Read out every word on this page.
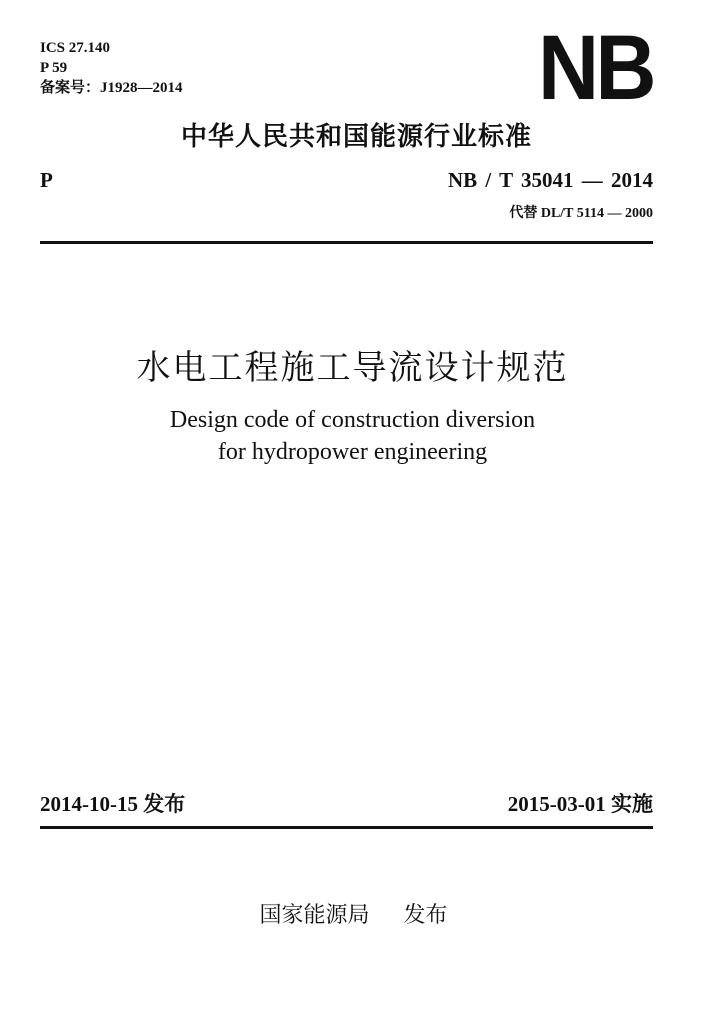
ICS 27.140
P 59
备案号：J1928—2014	NB
中华人民共和国能源行业标准
P	NB / T 35041 — 2014
代替 DL/T 5114 — 2000
水电工程施工导流设计规范
Design code of construction diversion
for hydropower engineering
2014-10-15 发布	2015-03-01 实施
国家能源局 发布
